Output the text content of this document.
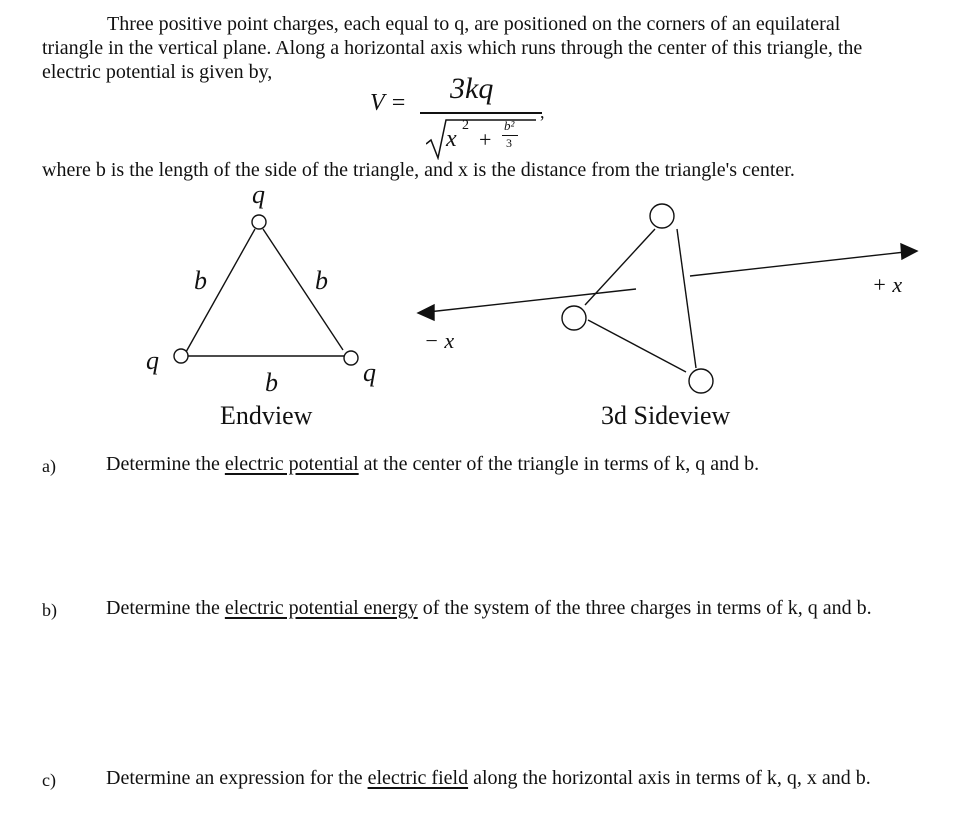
Three positive point charges, each equal to q, are positioned on the corners of an equilateral
triangle in the vertical plane. Along a horizontal axis which runs through the center of this triangle, the
electric potential is given by,
V = 3kq
,
x
2
+
b²
3
where b is the length of the side of the triangle, and x is the distance from the triangle's center.
q
q	q
b	b
b
Endview
+ x
− x
3d Sideview
a)	Determine the electric potential at the center of the triangle in terms of k, q and b.
b) Determine the electric potential energy of the system of the three charges in terms of k, q and b.
c)	Determine an expression for the electric field along the horizontal axis in terms of k, q, x and b.
